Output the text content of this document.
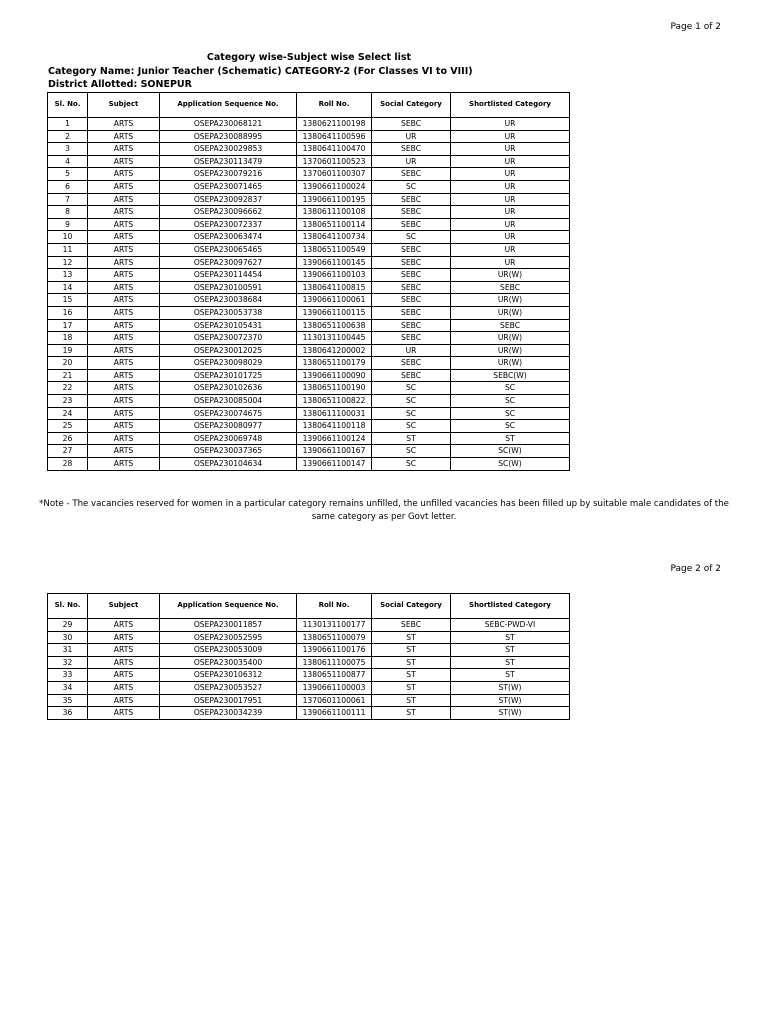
Page 1 of 2
Category wise-Subject wise Select list
Category Name: Junior Teacher (Schematic) CATEGORY-2 (For Classes VI to VIII)
District Allotted: SONEPUR
Sl. No.	Subject	Application Sequence No.	Roll No.	Social Category	Shortlisted Category
1	ARTS	OSEPA230068121	1380621100198	SEBC	UR
2	ARTS	OSEPA230088995	1380641100596	UR	UR
3	ARTS	OSEPA230029853	1380641100470	SEBC	UR
4	ARTS	OSEPA230113479	1370601100523	UR	UR
5	ARTS	OSEPA230079216	1370601100307	SEBC	UR
6	ARTS	OSEPA230071465	1390661100024	SC	UR
7	ARTS	OSEPA230092837	1390661100195	SEBC	UR
8	ARTS	OSEPA230096662	1380611100108	SEBC	UR
9	ARTS	OSEPA230072337	1380651100114	SEBC	UR
10	ARTS	OSEPA230063474	1380641100734	SC	UR
11	ARTS	OSEPA230065465	1380651100549	SEBC	UR
12	ARTS	OSEPA230097627	1390661100145	SEBC	UR
13	ARTS	OSEPA230114454	1390661100103	SEBC	UR(W)
14	ARTS	OSEPA230100591	1380641100815	SEBC	SEBC
15	ARTS	OSEPA230038684	1390661100061	SEBC	UR(W)
16	ARTS	OSEPA230053738	1390661100115	SEBC	UR(W)
17	ARTS	OSEPA230105431	1380651100638	SEBC	SEBC
18	ARTS	OSEPA230072370	1130131100445	SEBC	UR(W)
19	ARTS	OSEPA230012025	1380641200002	UR	UR(W)
20	ARTS	OSEPA230098029	1380651100179	SEBC	UR(W)
21	ARTS	OSEPA230101725	1390661100090	SEBC	SEBC(W)
22	ARTS	OSEPA230102636	1380651100190	SC	SC
23	ARTS	OSEPA230085004	1380651100822	SC	SC
24	ARTS	OSEPA230074675	1380611100031	SC	SC
25	ARTS	OSEPA230080977	1380641100118	SC	SC
26	ARTS	OSEPA230069748	1390661100124	ST	ST
27	ARTS	OSEPA230037365	1390661100167	SC	SC(W)
28	ARTS	OSEPA230104634	1390661100147	SC	SC(W)
*Note - The vacancies reserved for women in a particular category remains unfilled, the unfilled vacancies has been filled up by suitable male candidates of the
same category as per Govt letter.
Page 2 of 2
Sl. No.	Subject	Application Sequence No.	Roll No.	Social Category	Shortlisted Category
29	ARTS	OSEPA230011857	1130131100177	SEBC	SEBC-PWD-VI
30	ARTS	OSEPA230052595	1380651100079	ST	ST
31	ARTS	OSEPA230053009	1390661100176	ST	ST
32	ARTS	OSEPA230035400	1380611100075	ST	ST
33	ARTS	OSEPA230106312	1380651100877	ST	ST
34	ARTS	OSEPA230053527	1390661100003	ST	ST(W)
35	ARTS	OSEPA230017951	1370601100061	ST	ST(W)
36	ARTS	OSEPA230034239	1390661100111	ST	ST(W)
